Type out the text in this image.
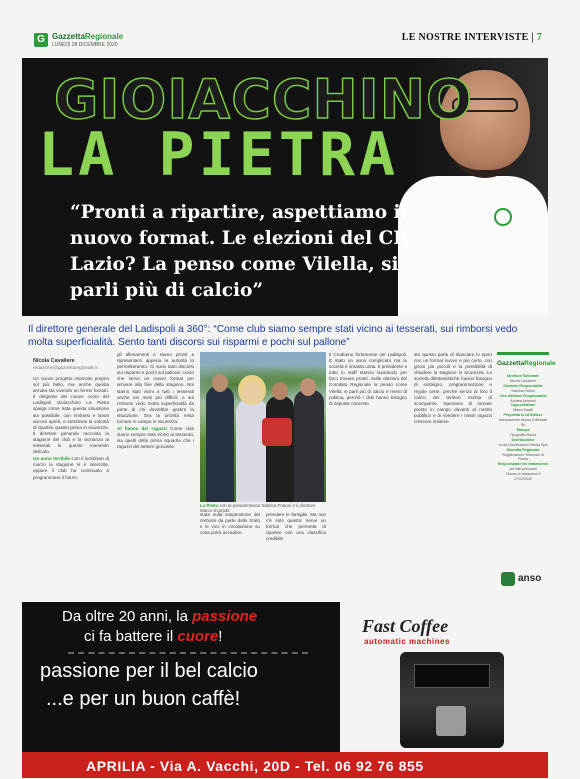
G GazzettaRegionale
LUNEDÌ 28 DICEMBRE 2020
LE NOSTRE INTERVISTE | 7
GIOIACCHINO
LA PIETRA
“Pronti a ripartire, aspettiamo il nuovo format. Le elezioni del CR Lazio? La penso come Vilella, si parli più di calcio”
Il direttore generale del Ladispoli a 360°: “Come club siamo sempre stati vicino ai tesserati, sui rimborsi vedo molta superficialità. Sento tanti discorsi sui risparmi e pochi sul pallone”
Nicola Cavaliere
redazione@gazzettaregionale.it

Un nuovo progetto interrotto proprio sul più bello, ma anche questa annata sta vivendo un fermo forzato. Il dirigente del nuovo corso del Ladispoli Gioiacchino La Pietra spiega come tutta questa situazione sia possibile, con rimborsi e lavori ancora aperti, e sottolinea la volontà di ripartire quanto prima in sicurezza. Il direttore generale racconta la stagione del club e la vicinanza ai tesserati in questo momento delicato.

Un anno terribile Con il lockdown di marzo la stagione si è interrotta, eppure il club ha continuato a programmare il futuro.

gli allenamenti e siamo pronti a ripresentarci appena le autorità lo permetteranno. Ci sono tanti discorsi sui risparmi e pochi sul pallone: credo che serva un nuovo format per arrivare alla fine della stagione. Noi siamo stati vicini a tutti i tesserati anche nei mesi più difficili, e sui rimborsi vedo molta superficialità da parte di chi dovrebbe gestire la situazione. Ora la priorità resta tornare in campo in sicurezza.

Al fianco dei ragazzi Come club siamo sempre stati vicino ai tesserati, sia quelli della prima squadra che i ragazzi del settore giovanile.

La Pietra con la presidentessa Sabrina Fratoni e il direttore Marco Scarpati
stata sulla sospensione dei rimborsi da parte dello Stato e le voci in circolazione su cosa potrà accadere.
prendere le famiglie. Ma non c'è solo questo: serve un format che permetta di ripartire con una classifica credibile.

Il Crediamo fortemente nel Ladispoli. È stato un anno complicato ma la società è rimasta unita. Il presidente e tutto lo staff stanno lavorando per farci trovare pronti. Sulle elezioni del Comitato Regionale la penso come Vilella: si parli più di calcio e meno di politica, perché i club hanno bisogno di risposte concrete.

sto questo parla di rilanciare lo sport con un format nuovo e più corto, con gironi più piccoli e la possibilità di chiudere la stagione in sicurezza. Le società dilettantistiche hanno bisogno di sostegno, programmazione e regole certe, perché senza di loro il calcio dei territori rischia di scomparire. Speriamo di tornare presto in campo davanti al nostro pubblico e di rivedere i nostri ragazzi crescere insieme.

GazzettaRegionale
Direttore Editoriale
Nicola Cavaliere
Direttore Responsabile
Sabrina Fattori
Vice direttore Responsabile
Andrea Antonini
Caporedattore
Mauro Basili
Proprietario ed Editore
Associazione Nuova Editoriale Srl
Stampa
Tipografia Roma
Distribuzione
m-dis Distribuzione Media Spa
Gazzetta Regionale
Registrazione Tribunale di Roma
Responsabile del trattamento
dei dati personali
Chiuso in redazione il 27/12/2020
anso
Da oltre 20 anni, la passione
ci fa battere il cuore!
passione per il bel calcio
...e per un buon caffè!
Fast Coffee
automatic machines
APRILIA - Via A. Vacchi, 20D - Tel. 06 92 76 855
